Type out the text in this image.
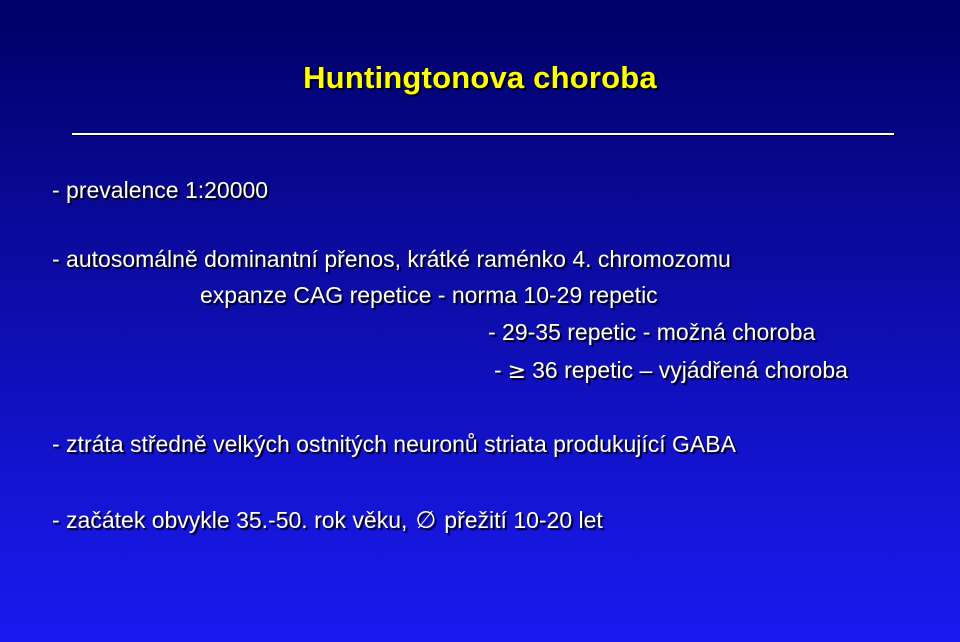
Huntingtonova choroba
- prevalence 1:20000
- autosomálně dominantní přenos, krátké raménko 4. chromozomu
expanze CAG repetice - norma 10-29 repetic
- 29-35 repetic - možná choroba
- ≥ 36 repetic – vyjádřená choroba
- ztráta středně velkých ostnitých neuronů striata produkující GABA
- začátek obvykle 35.-50. rok věku, ∅ přežití 10-20 let
